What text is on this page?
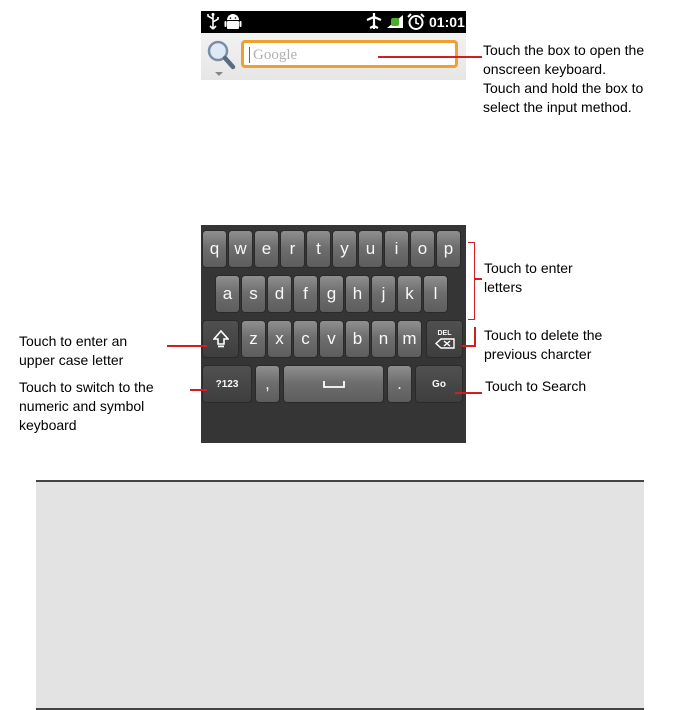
01:01
Google
q w e	r	t	y	u	i	o p
a	s	d	f	g h	j	k	l
z	x	c	v	b n m	DEL
?123	,	.	Go
Touch the box to open the
onscreen keyboard.
Touch and hold the box to
select the input method.
Touch to enter
letters
Touch to delete the
previous charcter
Touch to enter an
upper case letter
Touch to switch to the
numeric and symbol
keyboard
Touch to Search
